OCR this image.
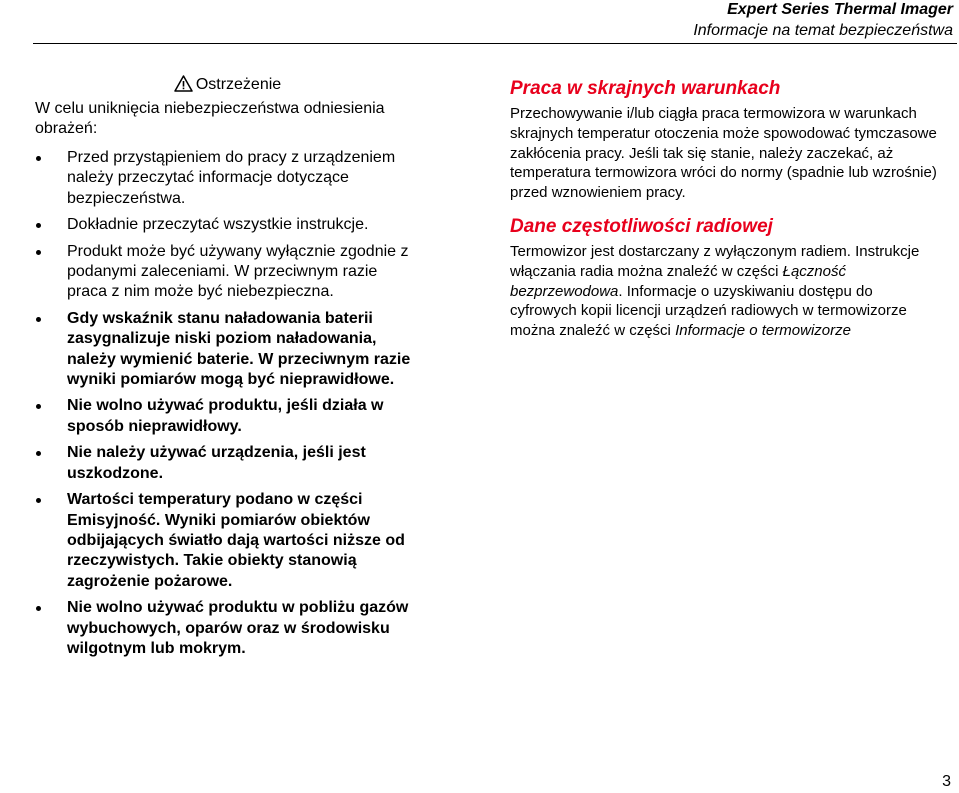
Expert Series Thermal Imager
Informacje na temat bezpieczeństwa
Ostrzeżenie

W celu uniknięcia niebezpieczeństwa odniesienia obrażeń:

Przed przystąpieniem do pracy z urządzeniem należy przeczytać informacje dotyczące bezpieczeństwa.
Dokładnie przeczytać wszystkie instrukcje.
Produkt może być używany wyłącznie zgodnie z podanymi zaleceniami. W przeciwnym razie praca z nim może być niebezpieczna.
Gdy wskaźnik stanu naładowania baterii zasygnalizuje niski poziom naładowania, należy wymienić baterie. W przeciwnym razie wyniki pomiarów mogą być nieprawidłowe.
Nie wolno używać produktu, jeśli działa w sposób nieprawidłowy.
Nie należy używać urządzenia, jeśli jest uszkodzone.
Wartości temperatury podano w części Emisyjność. Wyniki pomiarów obiektów odbijających światło dają wartości niższe od rzeczywistych. Takie obiekty stanowią zagrożenie pożarowe.
Nie wolno używać produktu w pobliżu gazów wybuchowych, oparów oraz w środowisku wilgotnym lub mokrym.
Praca w skrajnych warunkach

Przechowywanie i/lub ciągła praca termowizora w warunkach skrajnych temperatur otoczenia może spowodować tymczasowe zakłócenia pracy. Jeśli tak się stanie, należy zaczekać, aż temperatura termowizora wróci do normy (spadnie lub wzrośnie) przed wznowieniem pracy.

Dane częstotliwości radiowej

Termowizor jest dostarczany z wyłączonym radiem. Instrukcje włączania radia można znaleźć w części Łączność bezprzewodowa. Informacje o uzyskiwaniu dostępu do cyfrowych kopii licencji urządzeń radiowych w termowizorze można znaleźć w części Informacje o termowizorze

3
